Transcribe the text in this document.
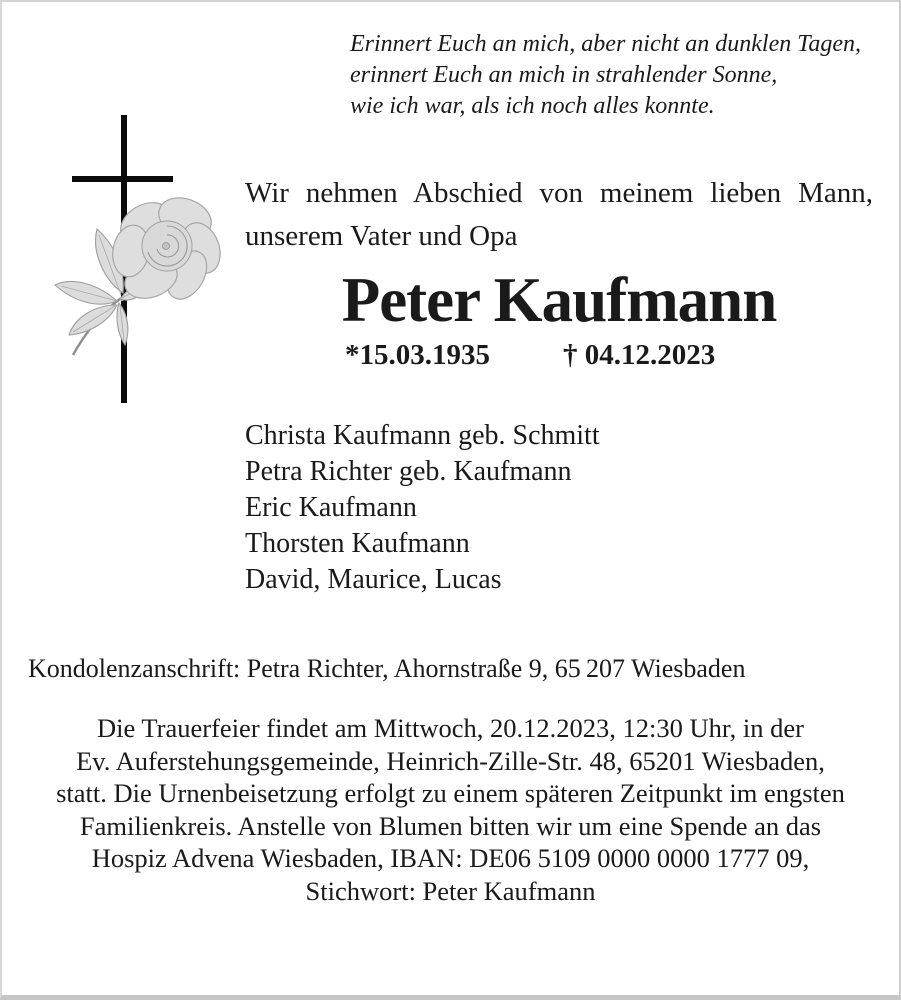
Erinnert Euch an mich, aber nicht an dunklen Tagen,
erinnert Euch an mich in strahlender Sonne,
wie ich war, als ich noch alles konnte.
Wir nehmen Abschied von meinem lieben Mann,
unserem Vater und Opa
Peter Kaufmann
*15.03.1935	† 04.12.2023
Christa Kaufmann geb. Schmitt
Petra Richter geb. Kaufmann
Eric Kaufmann
Thorsten Kaufmann
David, Maurice, Lucas
Kondolenzanschrift: Petra Richter, Ahornstraße 9, 65 207 Wiesbaden
Die Trauerfeier findet am Mittwoch, 20.12.2023, 12:30 Uhr, in der
Ev. Auferstehungsgemeinde, Heinrich-Zille-Str. 48, 65201 Wiesbaden,
statt. Die Urnenbeisetzung erfolgt zu einem späteren Zeitpunkt im engsten
Familienkreis. Anstelle von Blumen bitten wir um eine Spende an das
Hospiz Advena Wiesbaden, IBAN: DE06 5109 0000 0000 1777 09,
Stichwort: Peter Kaufmann
